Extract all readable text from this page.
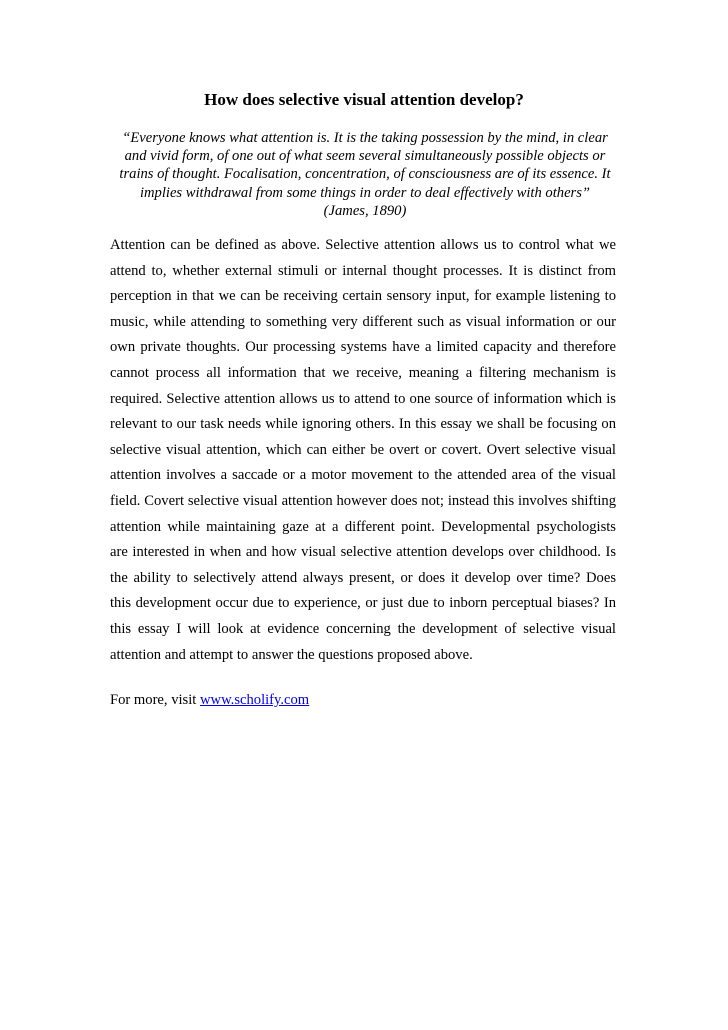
How does selective visual attention develop?
“Everyone knows what attention is. It is the taking possession by the mind, in clear
and vivid form, of one out of what seem several simultaneously possible objects or
trains of thought. Focalisation, concentration, of consciousness are of its essence. It
implies withdrawal from some things in order to deal effectively with others”
(James, 1890)
Attention can be defined as above. Selective attention allows us to control what we
attend to, whether external stimuli or internal thought processes. It is distinct from
perception in that we can be receiving certain sensory input, for example listening to
music, while attending to something very different such as visual information or our
own private thoughts. Our processing systems have a limited capacity and therefore
cannot process all information that we receive, meaning a filtering mechanism is
required. Selective attention allows us to attend to one source of information which is
relevant to our task needs while ignoring others. In this essay we shall be focusing on
selective visual attention, which can either be overt or covert. Overt selective visual
attention involves a saccade or a motor movement to the attended area of the visual
field. Covert selective visual attention however does not; instead this involves shifting
attention while maintaining gaze at a different point. Developmental psychologists
are interested in when and how visual selective attention develops over childhood. Is
the ability to selectively attend always present, or does it develop over time? Does
this development occur due to experience, or just due to inborn perceptual biases? In
this essay I will look at evidence concerning the development of selective visual
attention and attempt to answer the questions proposed above.
For more, visit www.scholify.com
